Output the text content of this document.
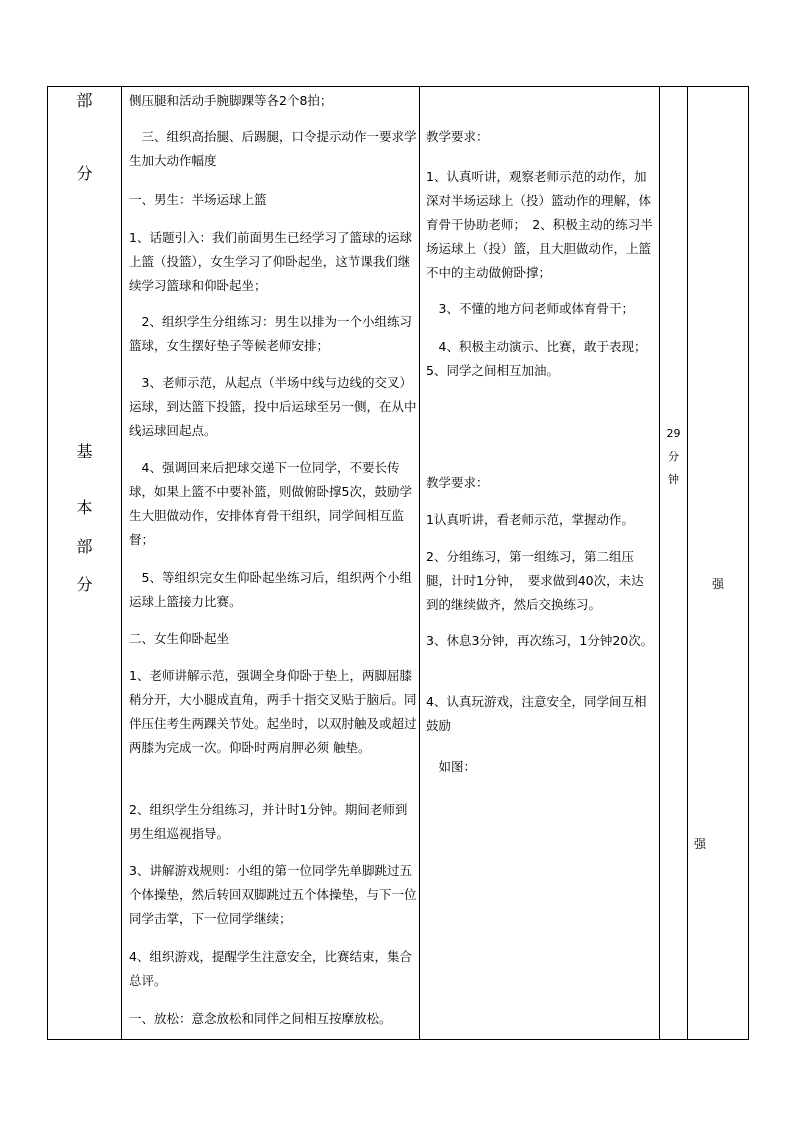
部
分
基
本
部
分

侧压腿和活动手腕脚踝等各2个8拍；

　三、组织高抬腿、后踢腿，口令提示动作一要求学生加大动作幅度

一、男生：半场运球上篮

1、话题引入：我们前面男生已经学习了篮球的运球上篮（投篮），女生学习了仰卧起坐，这节课我们继续学习篮球和仰卧起坐；

　2、组织学生分组练习：男生以排为一个小组练习篮球，女生摆好垫子等候老师安排；

　3、老师示范，从起点（半场中线与边线的交叉）运球，到达篮下投篮，投中后运球至另一侧，在从中线运球回起点。

　4、强调回来后把球交递下一位同学，不要长传球，如果上篮不中要补篮，则做俯卧撑5次，鼓励学生大胆做动作，安排体育骨干组织，同学间相互监督；

　5、等组织完女生仰卧起坐练习后，组织两个小组运球上篮接力比赛。

二、女生仰卧起坐

1、老师讲解示范，强调全身仰卧于垫上，两脚屈膝稍分开，大小腿成直角，两手十指交叉贴于脑后。同伴压住考生两踝关节处。起坐时，以双肘触及或超过两膝为完成一次。仰卧时两肩胛必须 触垫。

2、组织学生分组练习，并计时1分钟。期间老师到男生组巡视指导。

3、讲解游戏规则：小组的第一位同学先单脚跳过五个体操垫，然后转回双脚跳过五个体操垫，与下一位同学击掌，下一位同学继续；

4、组织游戏，提醒学生注意安全，比赛结束，集合总评。

一、放松：意念放松和同伴之间相互按摩放松。

教学要求：

1、认真听讲，观察老师示范的动作，加深对半场运球上（投）篮动作的理解，体育骨干协助老师；　2、积极主动的练习半场运球上（投）篮，且大胆做动作，上篮不中的主动做俯卧撑；

　3、不懂的地方问老师或体育骨干；

　4、积极主动演示、比赛，敢于表现；5、同学之间相互加油。

教学要求：

1认真听讲，看老师示范，掌握动作。

2、分组练习，第一组练习，第二组压腿，计时1分钟，　要求做到40次，未达到的继续做齐，然后交换练习。

3、休息3分钟，再次练习，1分钟20次。

4、认真玩游戏，注意安全，同学间互相鼓励

　如图：

29
分
钟
强
强
